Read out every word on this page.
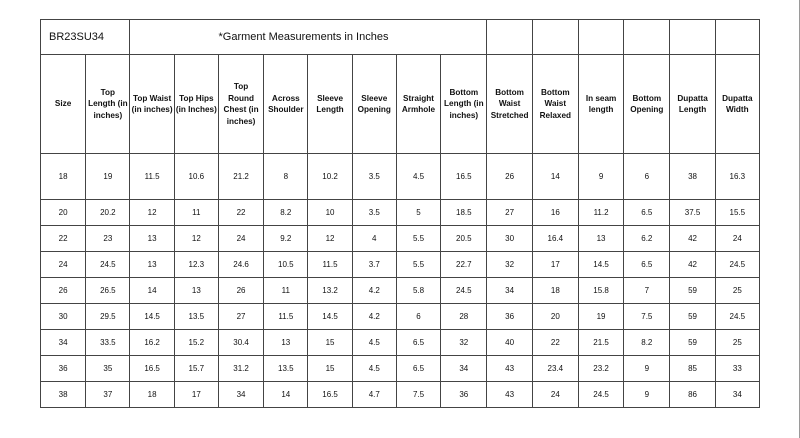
BR23SU34		*Garment Measurements in Inches													
Size	Top Length (in inches)	Top Waist (in inches)	Top Hips (in Inches)	Top Round Chest (in inches)	Across Shoulder	Sleeve Length	Sleeve Opening	Straight Armhole	Bottom Length (in inches)	Bottom Waist Stretched	Bottom Waist Relaxed	In seam length	Bottom Opening	Dupatta Length	Dupatta Width
18	19	11.5	10.6	21.2	8	10.2	3.5	4.5	16.5	26	14	9	6	38	16.3
20	20.2	12	11	22	8.2	10	3.5	5	18.5	27	16	11.2	6.5	37.5	15.5
22	23	13	12	24	9.2	12	4	5.5	20.5	30	16.4	13	6.2	42	24
24	24.5	13	12.3	24.6	10.5	11.5	3.7	5.5	22.7	32	17	14.5	6.5	42	24.5
26	26.5	14	13	26	11	13.2	4.2	5.8	24.5	34	18	15.8	7	59	25
30	29.5	14.5	13.5	27	11.5	14.5	4.2	6	28	36	20	19	7.5	59	24.5
34	33.5	16.2	15.2	30.4	13	15	4.5	6.5	32	40	22	21.5	8.2	59	25
36	35	16.5	15.7	31.2	13.5	15	4.5	6.5	34	43	23.4	23.2	9	85	33
38	37	18	17	34	14	16.5	4.7	7.5	36	43	24	24.5	9	86	34
